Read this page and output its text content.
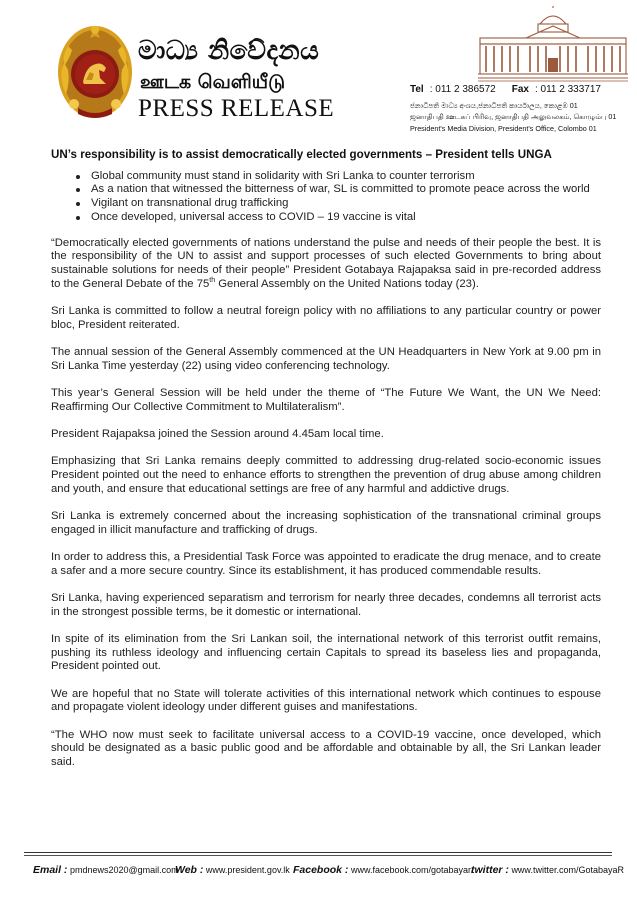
මාධ්‍ය නිවේදනය
ஊடக வெளியீடு
PRESS RELEASE
Tel : 011 2 386572 Fax : 011 2 333717
ජනාධිපති මාධ්‍ය අංශය,ජනාධිපති කාර්යාලය, කොළඹ 01
ஜனாதிபதி ஊடகப் பிரிவு, ஜனாதிபதி அலுவலகம், கொழும்பு 01
President's Media Division, President's Office, Colombo 01
UN’s responsibility is to assist democratically elected governments – President tells UNGA
Global community must stand in solidarity with Sri Lanka to counter terrorism
As a nation that witnessed the bitterness of war, SL is committed to promote peace across the world
Vigilant on transnational drug trafficking
Once developed, universal access to COVID – 19 vaccine is vital

“Democratically elected governments of nations understand the pulse and needs of their people the best. It is the responsibility of the UN to assist and support processes of such elected Governments to bring about sustainable solutions for needs of their people” President Gotabaya Rajapaksa said in pre-recorded address to the General Debate of the 75th General Assembly on the United Nations today (23).

Sri Lanka is committed to follow a neutral foreign policy with no affiliations to any particular country or power bloc, President reiterated.

The annual session of the General Assembly commenced at the UN Headquarters in New York at 9.00 pm in Sri Lanka Time yesterday (22) using video conferencing technology.

This year’s General Session will be held under the theme of “The Future We Want, the UN We Need: Reaffirming Our Collective Commitment to Multilateralism”.

President Rajapaksa joined the Session around 4.45am local time.

Emphasizing that Sri Lanka remains deeply committed to addressing drug-related socio-economic issues President pointed out the need to enhance efforts to strengthen the prevention of drug abuse among children and youth, and ensure that educational settings are free of any harmful and addictive drugs.

Sri Lanka is extremely concerned about the increasing sophistication of the transnational criminal groups engaged in illicit manufacture and trafficking of drugs.

In order to address this, a Presidential Task Force was appointed to eradicate the drug menace, and to create a safer and a more secure country. Since its establishment, it has produced commendable results.

Sri Lanka, having experienced separatism and terrorism for nearly three decades, condemns all terrorist acts in the strongest possible terms, be it domestic or international.

In spite of its elimination from the Sri Lankan soil, the international network of this terrorist outfit remains, pushing its ruthless ideology and influencing certain Capitals to spread its baseless lies and propaganda, President pointed out.

We are hopeful that no State will tolerate activities of this international network which continues to espouse and propagate violent ideology under different guises and manifestations.

“The WHO now must seek to facilitate universal access to a COVID-19 vaccine, once developed, which should be designated as a basic public good and be affordable and obtainable by all, the Sri Lankan leader said.

Email : pmdnews2020@gmail.com
Web : www.president.gov.lk Facebook : www.facebook.com/gotabayar/
twitter : www.twitter.com/GotabayaR
